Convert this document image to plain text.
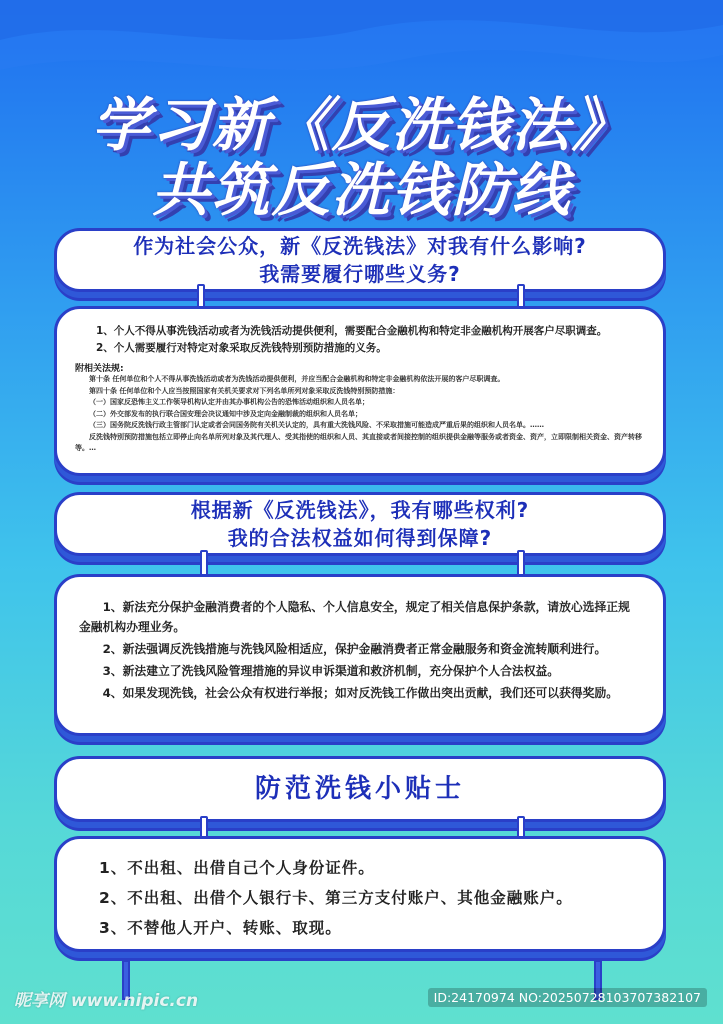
学习新《反洗钱法》
共筑反洗钱防线
作为社会公众，新《反洗钱法》对我有什么影响?
我需要履行哪些义务?
1、个人不得从事洗钱活动或者为洗钱活动提供便利，需要配合金融机构和特定非金融机构开展客户尽职调查。
2、个人需要履行对特定对象采取反洗钱特别预防措施的义务。
附相关法规:
第十条 任何单位和个人不得从事洗钱活动或者为洗钱活动提供便利，并应当配合金融机构和特定非金融机构依法开展的客户尽职调查。
第四十条 任何单位和个人应当按照国家有关机关要求对下列名单所列对象采取反洗钱特别预防措施：
（一）国家反恐怖主义工作领导机构认定并由其办事机构公告的恐怖活动组织和人员名单；
（二）外交部发布的执行联合国安理会决议通知中涉及定向金融制裁的组织和人员名单；
（三）国务院反洗钱行政主管部门认定或者会同国务院有关机关认定的，具有重大洗钱风险、不采取措施可能造成严重后果的组织和人员名单。……
反洗钱特别预防措施包括立即停止向名单所列对象及其代理人、受其指使的组织和人员、其直接或者间接控制的组织提供金融等服务或者资金、资产，立即限制相关资金、资产转移等。…
根据新《反洗钱法》，我有哪些权利?
我的合法权益如何得到保障?
1、新法充分保护金融消费者的个人隐私、个人信息安全，规定了相关信息保护条款，请放心选择正规金融机构办理业务。
2、新法强调反洗钱措施与洗钱风险相适应，保护金融消费者正常金融服务和资金流转顺利进行。
3、新法建立了洗钱风险管理措施的异议申诉渠道和救济机制，充分保护个人合法权益。
4、如果发现洗钱，社会公众有权进行举报；如对反洗钱工作做出突出贡献，我们还可以获得奖励。
防范洗钱小贴士
1、不出租、出借自己个人身份证件。
2、不出租、出借个人银行卡、第三方支付账户、其他金融账户。
3、不替他人开户、转账、取现。
昵享网 www.nipic.cn	ID:24170974 NO:20250728103707382107
